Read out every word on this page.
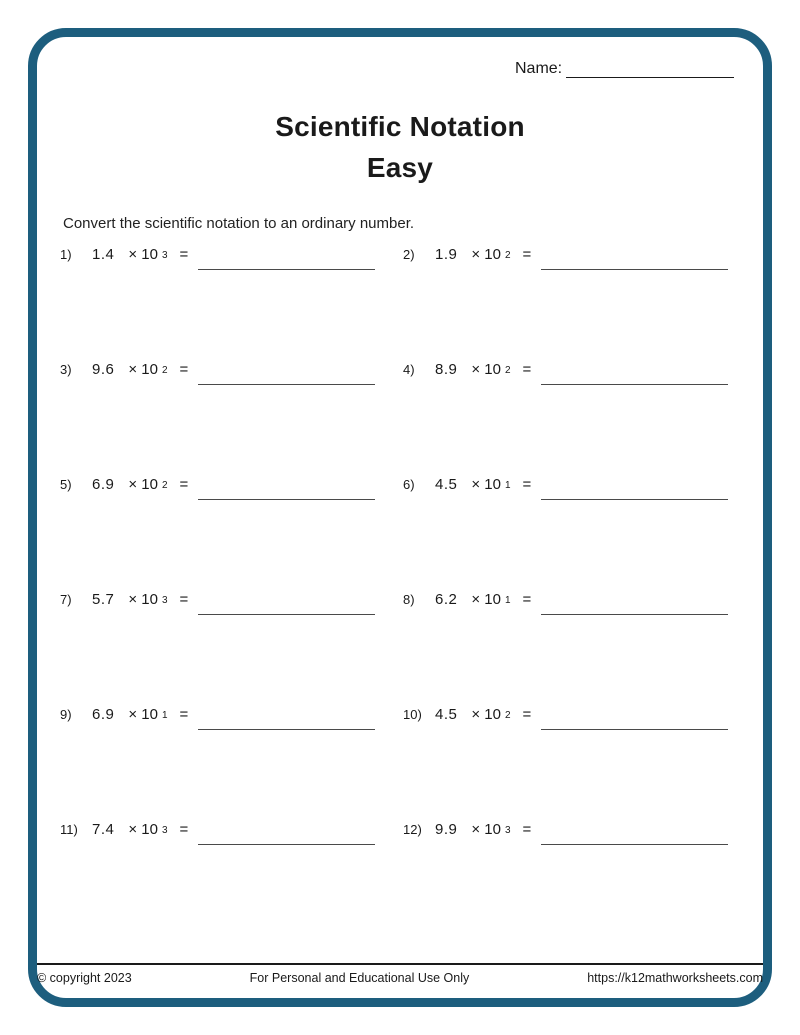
Name:
Scientific Notation
Easy
Convert the scientific notation to an ordinary number.
1)	1.4 × 10 $^3$ =	2)	1.9 × 10 $^2$ =
3)	9.6 × 10 $^2$ =	4)	8.9 × 10 $^2$ =
5)	6.9 × 10 $^2$ =	6)	4.5 × 10 $^1$ =
7)	5.7 × 10 $^3$ =	8)	6.2 × 10 $^1$ =
9)	6.9 × 10 $^1$ =	10) 4.5 × 10 $^2$ =
11) 7.4 × 10 $^3$ =	12) 9.9 × 10 $^3$ =
© copyright 2023	For Personal and Educational Use Only	https://k12mathworksheets.com
